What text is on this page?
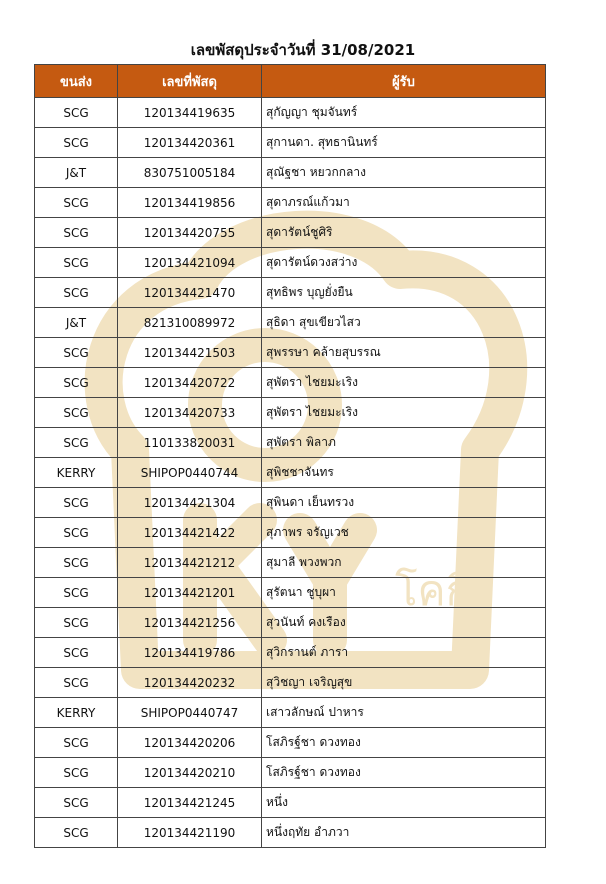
โคกี้
เลขพัสดุประจำวันที่ 31/08/2021
ขนส่ง	เลขที่พัสดุ	ผู้รับ
SCG	120134419635	สุกัญญา ชุมจันทร์
SCG	120134420361	สุกานดา. สุทธานินทร์
J&T	830751005184	สุณัฐชา หยวกกลาง
SCG	120134419856	สุดาภรณ์แก้วมา
SCG	120134420755	สุดารัตน์ชูศิริ
SCG	120134421094	สุดารัตน์ดวงสว่าง
SCG	120134421470	สุทธิพร บุญยั่งยืน
J&T	821310089972	สุธิดา สุขเขียวไสว
SCG	120134421503	สุพรรษา คล้ายสุบรรณ
SCG	120134420722	สุพัตรา ไชยมะเริง
SCG	120134420733	สุพัตรา ไชยมะเริง
SCG	110133820031	สุพัตรา พิลาภ
KERRY	SHIPOP0440744	สุพิชชาจันทร
SCG	120134421304	สุพินดา เย็นทรวง
SCG	120134421422	สุภาพร จรัญเวช
SCG	120134421212	สุมาลี พวงพวก
SCG	120134421201	สุรัตนา ชูบุผา
SCG	120134421256	สุวนันท์ คงเรือง
SCG	120134419786	สุวิกรานต์ ภารา
SCG	120134420232	สุวิชญา เจริญสุข
KERRY	SHIPOP0440747	เสาวลักษณ์ ปาหาร
SCG	120134420206	โสภิรฐ์ชา ดวงทอง
SCG	120134420210	โสภิรฐ์ชา ดวงทอง
SCG	120134421245	หนึ่ง
SCG	120134421190	หนึ่งฤทัย อำภวา
